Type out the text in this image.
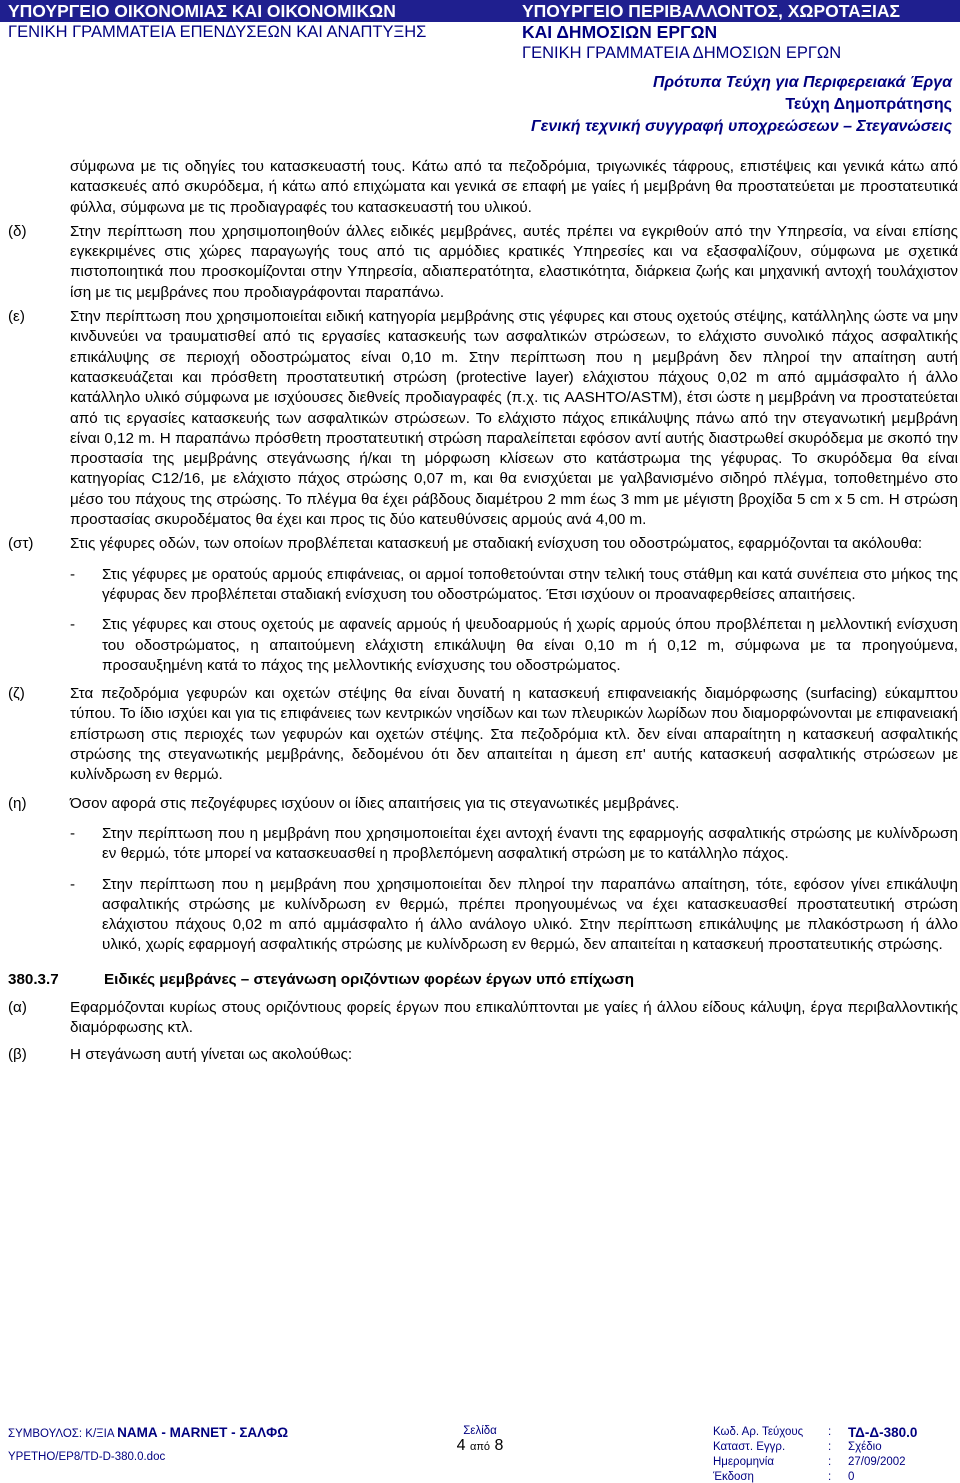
ΥΠΟΥΡΓΕΙΟ ΟΙΚΟΝΟΜΙΑΣ ΚΑΙ ΟΙΚΟΝΟΜΙΚΩΝ
ΓΕΝΙΚΗ ΓΡΑΜΜΑΤΕΙΑ ΕΠΕΝΔΥΣΕΩΝ ΚΑΙ ΑΝΑΠΤΥΞΗΣ
ΥΠΟΥΡΓΕΙΟ ΠΕΡΙΒΑΛΛΟΝΤΟΣ, ΧΩΡΟΤΑΞΙΑΣ
ΚΑΙ ΔΗΜΟΣΙΩΝ ΕΡΓΩΝ
ΓΕΝΙΚΗ ΓΡΑΜΜΑΤΕΙΑ ΔΗΜΟΣΙΩΝ ΕΡΓΩΝ
Πρότυπα Τεύχη για Περιφερειακά Έργα
Τεύχη Δημοπράτησης
Γενική τεχνική συγγραφή υποχρεώσεων – Στεγανώσεις
σύμφωνα με τις οδηγίες του κατασκευαστή τους. Κάτω από τα πεζοδρόμια, τριγωνικές τάφρους, επιστέψεις και γενικά κάτω από κατασκευές από σκυρόδεμα, ή κάτω από επιχώματα και γενικά σε επαφή με γαίες ή μεμβράνη θα προστατεύεται με προστατευτικά φύλλα, σύμφωνα με τις προδιαγραφές του κατασκευαστή του υλικού.
(δ)	Στην περίπτωση που χρησιμοποιηθούν άλλες ειδικές μεμβράνες, αυτές πρέπει να εγκριθούν από την Υπηρεσία, να είναι επίσης εγκεκριμένες στις χώρες παραγωγής τους από τις αρμόδιες κρατικές Υπηρεσίες και να εξασφαλίζουν, σύμφωνα με σχετικά πιστοποιητικά που προσκομίζονται στην Υπηρεσία, αδιαπερατότητα, ελαστικότητα, διάρκεια ζωής και μηχανική αντοχή τουλάχιστον ίση με τις μεμβράνες που προδιαγράφονται παραπάνω.
(ε)	Στην περίπτωση που χρησιμοποιείται ειδική κατηγορία μεμβράνης στις γέφυρες και στους οχετούς στέψης, κατάλληλης ώστε να μην κινδυνεύει να τραυματισθεί από τις εργασίες κατασκευής των ασφαλτικών στρώσεων, το ελάχιστο συνολικό πάχος ασφαλτικής επικάλυψης σε περιοχή οδοστρώματος είναι 0,10 m. Στην περίπτωση που η μεμβράνη δεν πληροί την απαίτηση αυτή κατασκευάζεται και πρόσθετη προστατευτική στρώση (protective layer) ελάχιστου πάχους 0,02 m από αμμάσφαλτο ή άλλο κατάλληλο υλικό σύμφωνα με ισχύουσες διεθνείς προδιαγραφές (π.χ. τις AASHTO/ASTM), έτσι ώστε η μεμβράνη να προστατεύεται από τις εργασίες κατασκευής των ασφαλτικών στρώσεων. Το ελάχιστο πάχος επικάλυψης πάνω από την στεγανωτική μεμβράνη είναι 0,12 m. Η παραπάνω πρόσθετη προστατευτική στρώση παραλείπεται εφόσον αντί αυτής διαστρωθεί σκυρόδεμα με σκοπό την προστασία της μεμβράνης στεγάνωσης ή/και τη μόρφωση κλίσεων στο κατάστρωμα της γέφυρας. Το σκυρόδεμα θα είναι κατηγορίας C12/16, με ελάχιστο πάχος στρώσης 0,07 m, και θα ενισχύεται με γαλβανισμένο σιδηρό πλέγμα, τοποθετημένο στο μέσο του πάχους της στρώσης. Το πλέγμα θα έχει ράβδους διαμέτρου 2 mm έως 3 mm με μέγιστη βροχίδα 5 cm x 5 cm. Η στρώση προστασίας σκυροδέματος θα έχει και προς τις δύο κατευθύνσεις αρμούς ανά 4,00 m.
(στ)	Στις γέφυρες οδών, των οποίων προβλέπεται κατασκευή με σταδιακή ενίσχυση του οδοστρώματος, εφαρμόζονται τα ακόλουθα:
-	Στις γέφυρες με ορατούς αρμούς επιφάνειας, οι αρμοί τοποθετούνται στην τελική τους στάθμη και κατά συνέπεια στο μήκος της γέφυρας δεν προβλέπεται σταδιακή ενίσχυση του οδοστρώματος. Έτσι ισχύουν οι προαναφερθείσες απαιτήσεις.
-	Στις γέφυρες και στους οχετούς με αφανείς αρμούς ή ψευδοαρμούς ή χωρίς αρμούς όπου προβλέπεται η μελλοντική ενίσχυση του οδοστρώματος, η απαιτούμενη ελάχιστη επικάλυψη θα είναι 0,10 m ή 0,12 m, σύμφωνα με τα προηγούμενα, προσαυξημένη κατά το πάχος της μελλοντικής ενίσχυσης του οδοστρώματος.
(ζ)	Στα πεζοδρόμια γεφυρών και οχετών στέψης θα είναι δυνατή η κατασκευή επιφανειακής διαμόρφωσης (surfacing) εύκαμπτου τύπου. Το ίδιο ισχύει και για τις επιφάνειες των κεντρικών νησίδων και των πλευρικών λωρίδων που διαμορφώνονται με επιφανειακή επίστρωση στις περιοχές των γεφυρών και οχετών στέψης. Στα πεζοδρόμια κτλ. δεν είναι απαραίτητη η κατασκευή ασφαλτικής στρώσης της στεγανωτικής μεμβράνης, δεδομένου ότι δεν απαιτείται η άμεση επ' αυτής κατασκευή ασφαλτικής στρώσεων με κυλίνδρωση εν θερμώ.
(η)	Όσον αφορά στις πεζογέφυρες ισχύουν οι ίδιες απαιτήσεις για τις στεγανωτικές μεμβράνες.
-	Στην περίπτωση που η μεμβράνη που χρησιμοποιείται έχει αντοχή έναντι της εφαρμογής ασφαλτικής στρώσης με κυλίνδρωση εν θερμώ, τότε μπορεί να κατασκευασθεί η προβλεπόμενη ασφαλτική στρώση με το κατάλληλο πάχος.
-	Στην περίπτωση που η μεμβράνη που χρησιμοποιείται δεν πληροί την παραπάνω απαίτηση, τότε, εφόσον γίνει επικάλυψη ασφαλτικής στρώσης με κυλίνδρωση εν θερμώ, πρέπει προηγουμένως να έχει κατασκευασθεί προστατευτική στρώση ελάχιστου πάχους 0,02 m από αμμάσφαλτο ή άλλο ανάλογο υλικό. Στην περίπτωση επικάλυψης με πλακόστρωση ή άλλο υλικό, χωρίς εφαρμογή ασφαλτικής στρώσης με κυλίνδρωση εν θερμώ, δεν απαιτείται η κατασκευή προστατευτικής στρώσης.
380.3.7	Ειδικές μεμβράνες – στεγάνωση οριζόντιων φορέων έργων υπό επίχωση
(α)	Εφαρμόζονται κυρίως στους οριζόντιους φορείς έργων που επικαλύπτονται με γαίες ή άλλου είδους κάλυψη, έργα περιβαλλοντικής διαμόρφωσης κτλ.
(β)	Η στεγάνωση αυτή γίνεται ως ακολούθως:
ΣΥΜΒΟΥΛΟΣ: Κ/ΞΙΑ ΝΑΜΑ - MARNET - ΣΑΛΦΩ
ΥΡΕΤΗΟ/ΕΡ8/ΤD-D-380.0.doc
Σελίδα
4 από 8
Κωδ. Αρ. Τεύχους	:	ΤΔ-Δ-380.0
Καταστ. Εγγρ.	:	Σχέδιο
Ημερομηνία	:	27/09/2002
Έκδοση	:	0
